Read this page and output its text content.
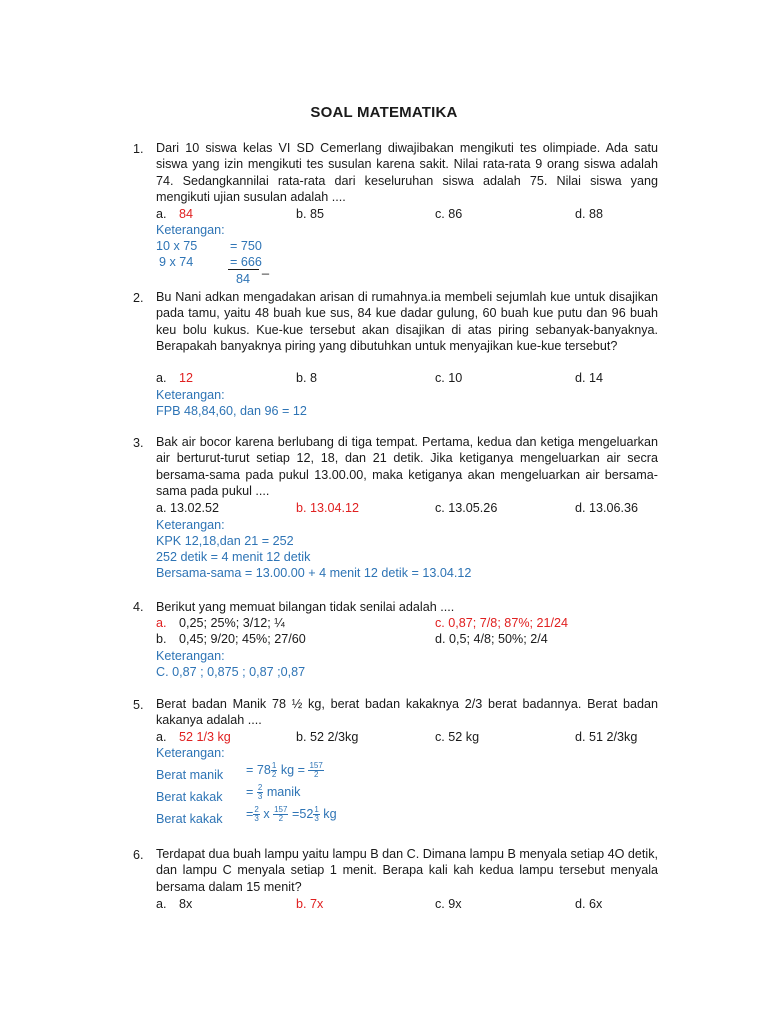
SOAL MATEMATIKA
1. Dari 10 siswa kelas VI SD Cemerlang diwajibakan mengikuti tes olimpiade. Ada satu siswa yang izin mengikuti tes susulan karena sakit. Nilai rata-rata 9 orang siswa adalah 74. Sedangkannilai rata-rata dari keseluruhan siswa adalah 75. Nilai siswa yang mengikuti ujian susulan adalah ....
a. 84	b. 85	c. 86	d. 88
Keterangan:
10 x 75	= 750
9 x 74	= 666 _
84
2. Bu Nani adkan mengadakan arisan di rumahnya.ia membeli sejumlah kue untuk disajikan pada tamu, yaitu 48 buah kue sus, 84 kue dadar gulung, 60 buah kue putu dan 96 buah keu bolu kukus. Kue-kue tersebut akan disajikan di atas piring sebanyak-banyaknya. Berapakah banyaknya piring yang dibutuhkan untuk menyajikan kue-kue tersebut?
a. 12	b. 8	c. 10	d. 14
Keterangan:
FPB 48,84,60, dan 96 = 12
3. Bak air bocor karena berlubang di tiga tempat. Pertama, kedua dan ketiga mengeluarkan air berturut-turut setiap 12, 18, dan 21 detik. Jika ketiganya mengeluarkan air secra bersama-sama pada pukul 13.00.00, maka ketiganya akan mengeluarkan air bersama-sama pada pukul ....
a. 13.02.52	b. 13.04.12	c. 13.05.26	d. 13.06.36
Keterangan:
KPK 12,18,dan 21 = 252
252 detik = 4 menit 12 detik
Bersama-sama = 13.00.00 + 4 menit 12 detik = 13.04.12
4. Berikut yang memuat bilangan tidak senilai adalah ....
a. 0,25; 25%; 3/12; ¼	c. 0,87; 7/8; 87%; 21/24
b. 0,45; 9/20; 45%; 27/60	d. 0,5; 4/8; 50%; 2/4
Keterangan:
C. 0,87 ; 0,875 ; 0,87 ;0,87
5. Berat badan Manik 78 ½ kg, berat badan kakaknya 2/3 berat badannya. Berat badan kakanya adalah ....
a. 52 1/3 kg	b. 52 2/3kg	c. 52 kg	d. 51 2/3kg
Keterangan:
Berat manik = $78 \frac{1}{2}$ kg = $\frac{157}{2}$
Berat kakak = $\frac{2}{3}$ manik
Berat kakak = $\frac{2}{3}$ x $\frac{157}{2} =52 \frac{1}{3}$ kg
6. Terdapat dua buah lampu yaitu lampu B dan C. Dimana lampu B menyala setiap 4O detik, dan lampu C menyala setiap 1 menit. Berapa kali kah kedua lampu tersebut menyala bersama dalam 15 menit?
a. 8x	b. 7x	c. 9x	d. 6x
